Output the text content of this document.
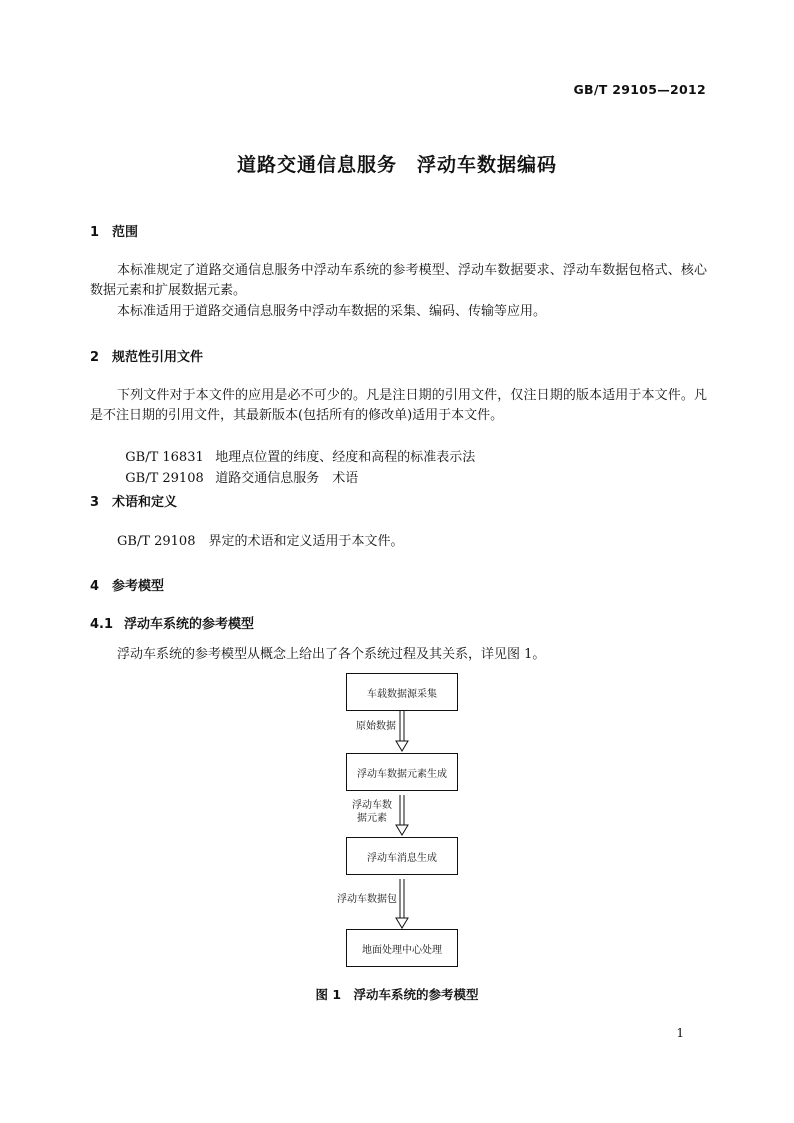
GB/T 29105—2012
道路交通信息服务　浮动车数据编码
1 范围
本标准规定了道路交通信息服务中浮动车系统的参考模型、浮动车数据要求、浮动车数据包格式、核心数据元素和扩展数据元素。
本标准适用于道路交通信息服务中浮动车数据的采集、编码、传输等应用。
2 规范性引用文件
下列文件对于本文件的应用是必不可少的。凡是注日期的引用文件，仅注日期的版本适用于本文件。凡是不注日期的引用文件，其最新版本(包括所有的修改单)适用于本文件。

GB/T 16831 地理点位置的纬度、经度和高程的标准表示法

GB/T 29108 道路交通信息服务　术语

3 术语和定义
GB/T 29108　界定的术语和定义适用于本文件。
4 参考模型
4.1 浮动车系统的参考模型
浮动车系统的参考模型从概念上给出了各个系统过程及其关系，详见图 1。
车载数据源采集
原始数据
浮动车数据元素生成
浮动车数
据元素
浮动车消息生成
浮动车数据包
地面处理中心处理
图 1　浮动车系统的参考模型
1
